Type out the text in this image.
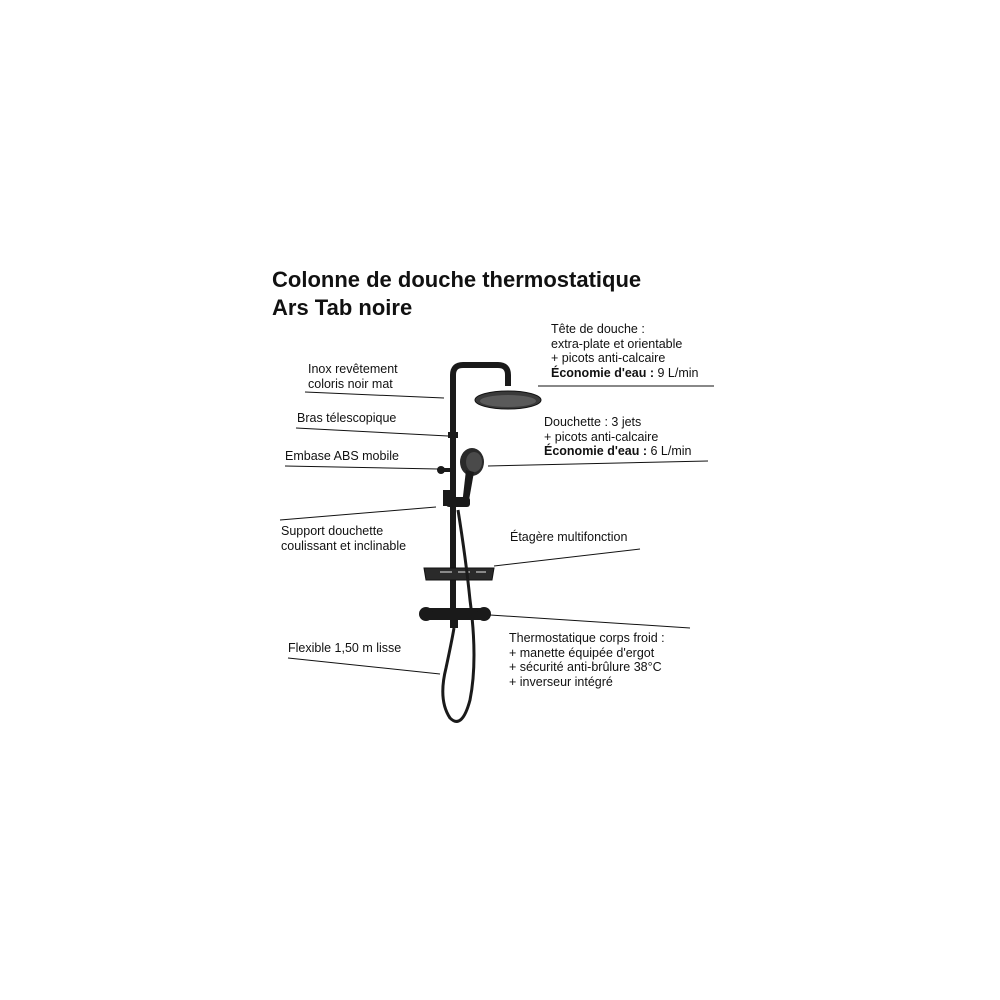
Colonne de douche thermostatique
Ars Tab noire
Inox revêtement
coloris noir mat
Bras télescopique
Embase ABS mobile
Support douchette
coulissant et inclinable
Flexible 1,50 m lisse
Tête de douche :
extra-plate et orientable
+ picots anti-calcaire
Économie d'eau : 9 L/min
Douchette : 3 jets
+ picots anti-calcaire
Économie d'eau : 6 L/min
Étagère multifonction
Thermostatique corps froid :
+ manette équipée d'ergot
+ sécurité anti-brûlure 38°C
+ inverseur intégré
